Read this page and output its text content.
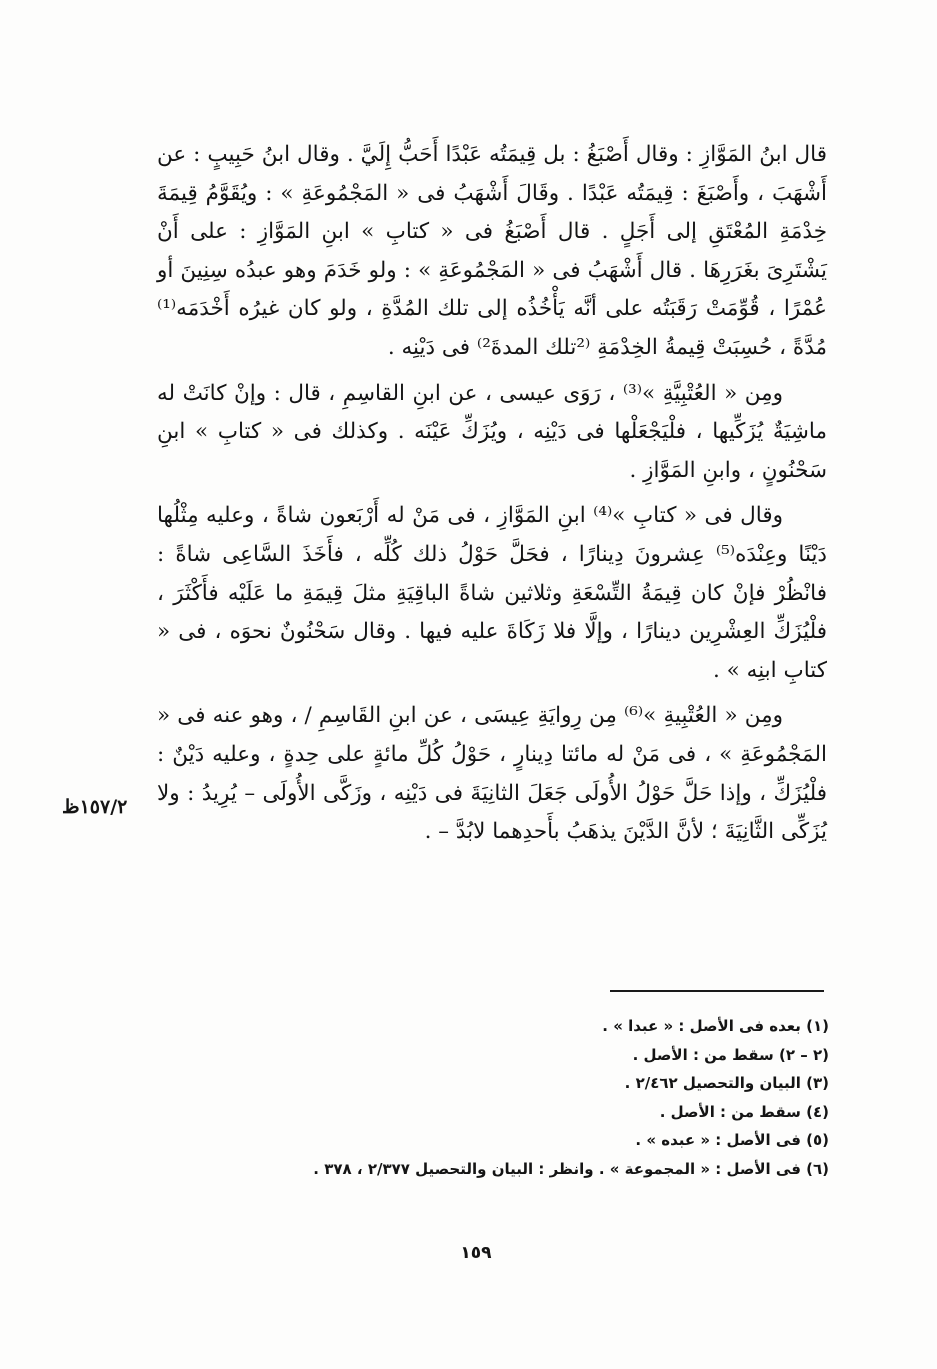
قال ابنُ المَوَّازِ : وقال أَصْبَغُ : بل قِيمَتُه عَبْدًا أَحَبُّ إِلَيَّ . وقال ابنُ حَبِيبٍ : عن أَشْهَبَ ، وأَصْبَغَ : قِيمَتُه عَبْدًا . وقَالَ أَشْهَبُ فى « المَجْمُوعَةِ » : ويُقَوَّمُ قِيمَةَ خِدْمَةِ المُعْتَقِ إلى أَجَلٍ . قال أَصْبَغُ فى « كتابِ » ابنِ المَوَّازِ : على أَنْ يَشْتَرِىَ بغَرَرِهَا . قال أَشْهَبُ فى « المَجْمُوعَةِ » : ولو خَدَمَ وهو عبدُه سِنِينَ أو عُمْرًا ، قُوِّمَتْ رَقَبَتُه على أنَّه يَأْخُذُه إلى تلك المُدَّةِ ، ولو كان غيرُه أَخْدَمَه⁽¹⁾ مُدَّةً ، حُسِبَتْ قِيمةُ الخِدْمَةِ ⁽²تلك المدةَ²⁾ فى دَيْنِه .

ومِن « العُتْبِيَّةِ »⁽³⁾ ، رَوَى عيسى ، عن ابنِ القاسِمِ ، قال : وإنْ كانَتْ له ماشِيَةٌ يُزَكِّيها ، فلْيَجْعَلْها فى دَيْنِه ، ويُزَكِّ عَيْنَه . وكذلك فى « كتابِ » ابنِ سَحْنُونٍ ، وابنِ المَوَّازِ .

وقال فى « كتابِ »⁽⁴⁾ ابنِ المَوَّازِ ، فى مَنْ له أَرْبَعون شاةً ، وعليه مِثْلُها دَيْنًا وعِنْدَه⁽⁵⁾ عِشرونَ دِينارًا ، فحَلَّ حَوْلُ ذلك كُلِّه ، فأَخَذَ السَّاعِى شاةً : فانْظُرْ فإنْ كان قِيمَةُ التِّسْعَةِ وثلاثين شاةً الباقِيَةِ مثلَ قِيمَةِ ما عَلَيْه فأَكْثَرَ ، فلْيُزَكِّ العِشْرِين دينارًا ، وإلَّا فلا زَكَاةَ عليه فيها . وقال سَحْنُونٌ نحوَه ، فى « كتابِ ابنِه » .

ومِن « العُتْبِيةِ »⁽⁶⁾ مِن رِوايَةِ عِيسَى ، عن ابنِ القَاسِمِ / ، وهو عنه فى « المَجْمُوعَةِ » ، فى مَنْ له مائتا دِينارٍ ، حَوْلُ كُلِّ مائةٍ على حِدةٍ ، وعليه دَيْنٌ : فلْيُزَكِّ ، وإذا حَلَّ حَوْلُ الأُولَى جَعَلَ الثانِيَةَ فى دَيْنِه ، وزَكَّى الأُولَى – يُرِيدُ : ولا يُزَكِّى الثَّانِيَةَ ؛ لأنَّ الدَّيْنَ يذهَبُ بأَحدِهما لابُدَّ – .

١٥٧/٢ظ

(١) بعده فى الأصل : « عبدا » .

(٢ – ٢) سقط من : الأصل .

(٣) البيان والتحصيل ٢/٤٦٢ .

(٤) سقط من : الأصل .

(٥) فى الأصل : « عبده » .

(٦) فى الأصل : « المجموعة » . وانظر : البيان والتحصيل ٢/٣٧٧ ، ٣٧٨ .

١٥٩
